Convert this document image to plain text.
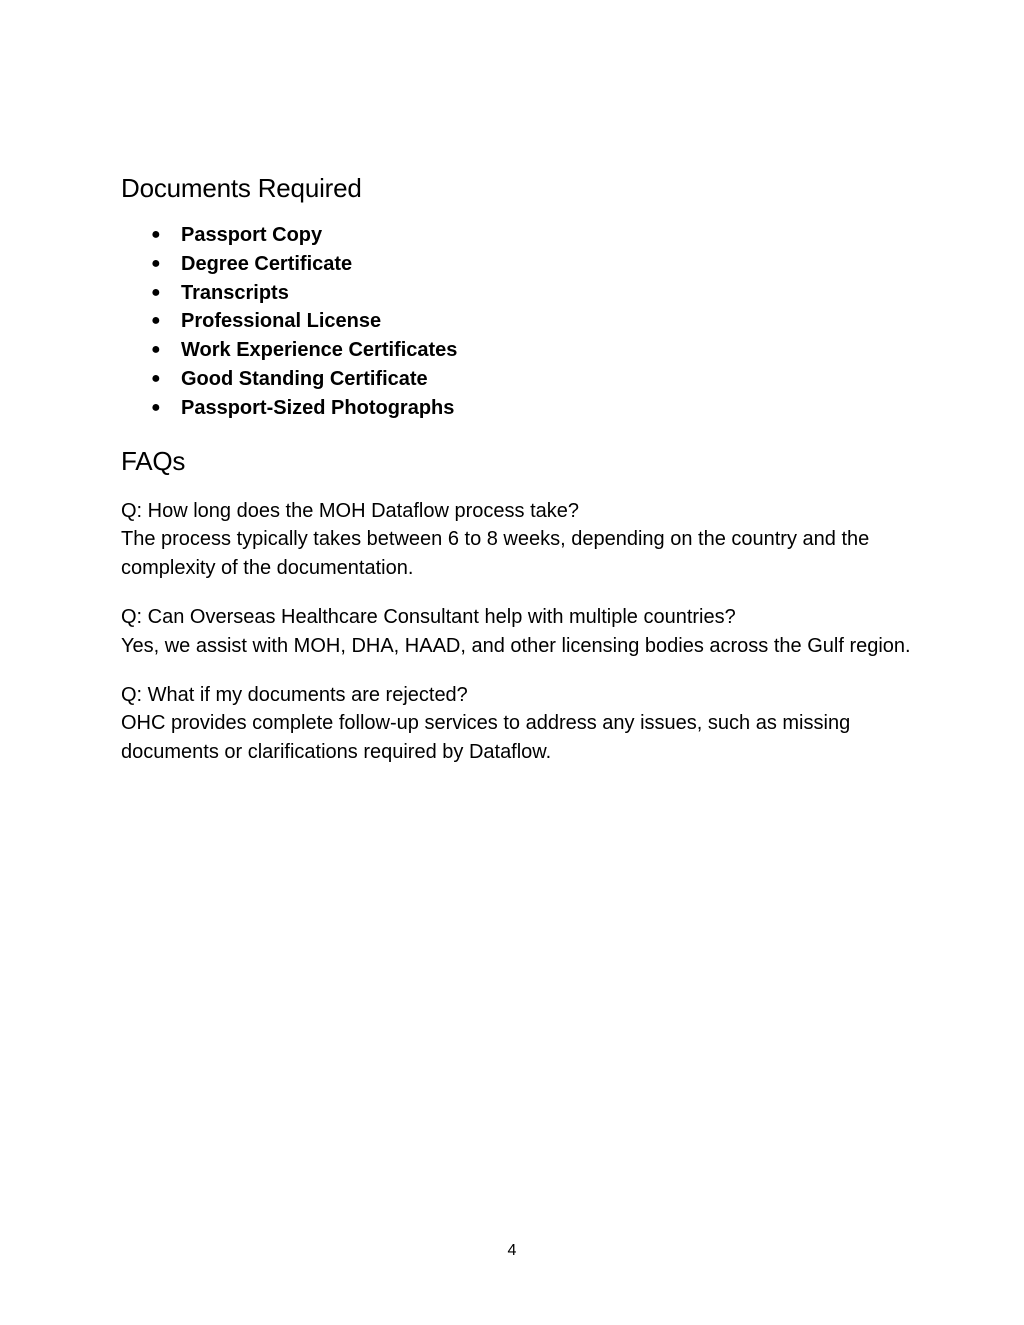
Documents Required
● Passport Copy
● Degree Certificate
● Transcripts
● Professional License
● Work Experience Certificates
● Good Standing Certificate
● Passport-Sized Photographs
FAQs

Q: How long does the MOH Dataflow process take?

The process typically takes between 6 to 8 weeks, depending on the country and the complexity of the documentation.

Q: Can Overseas Healthcare Consultant help with multiple countries?

Yes, we assist with MOH, DHA, HAAD, and other licensing bodies across the Gulf region.

Q: What if my documents are rejected?

OHC provides complete follow-up services to address any issues, such as missing documents or clarifications required by Dataflow.

4
